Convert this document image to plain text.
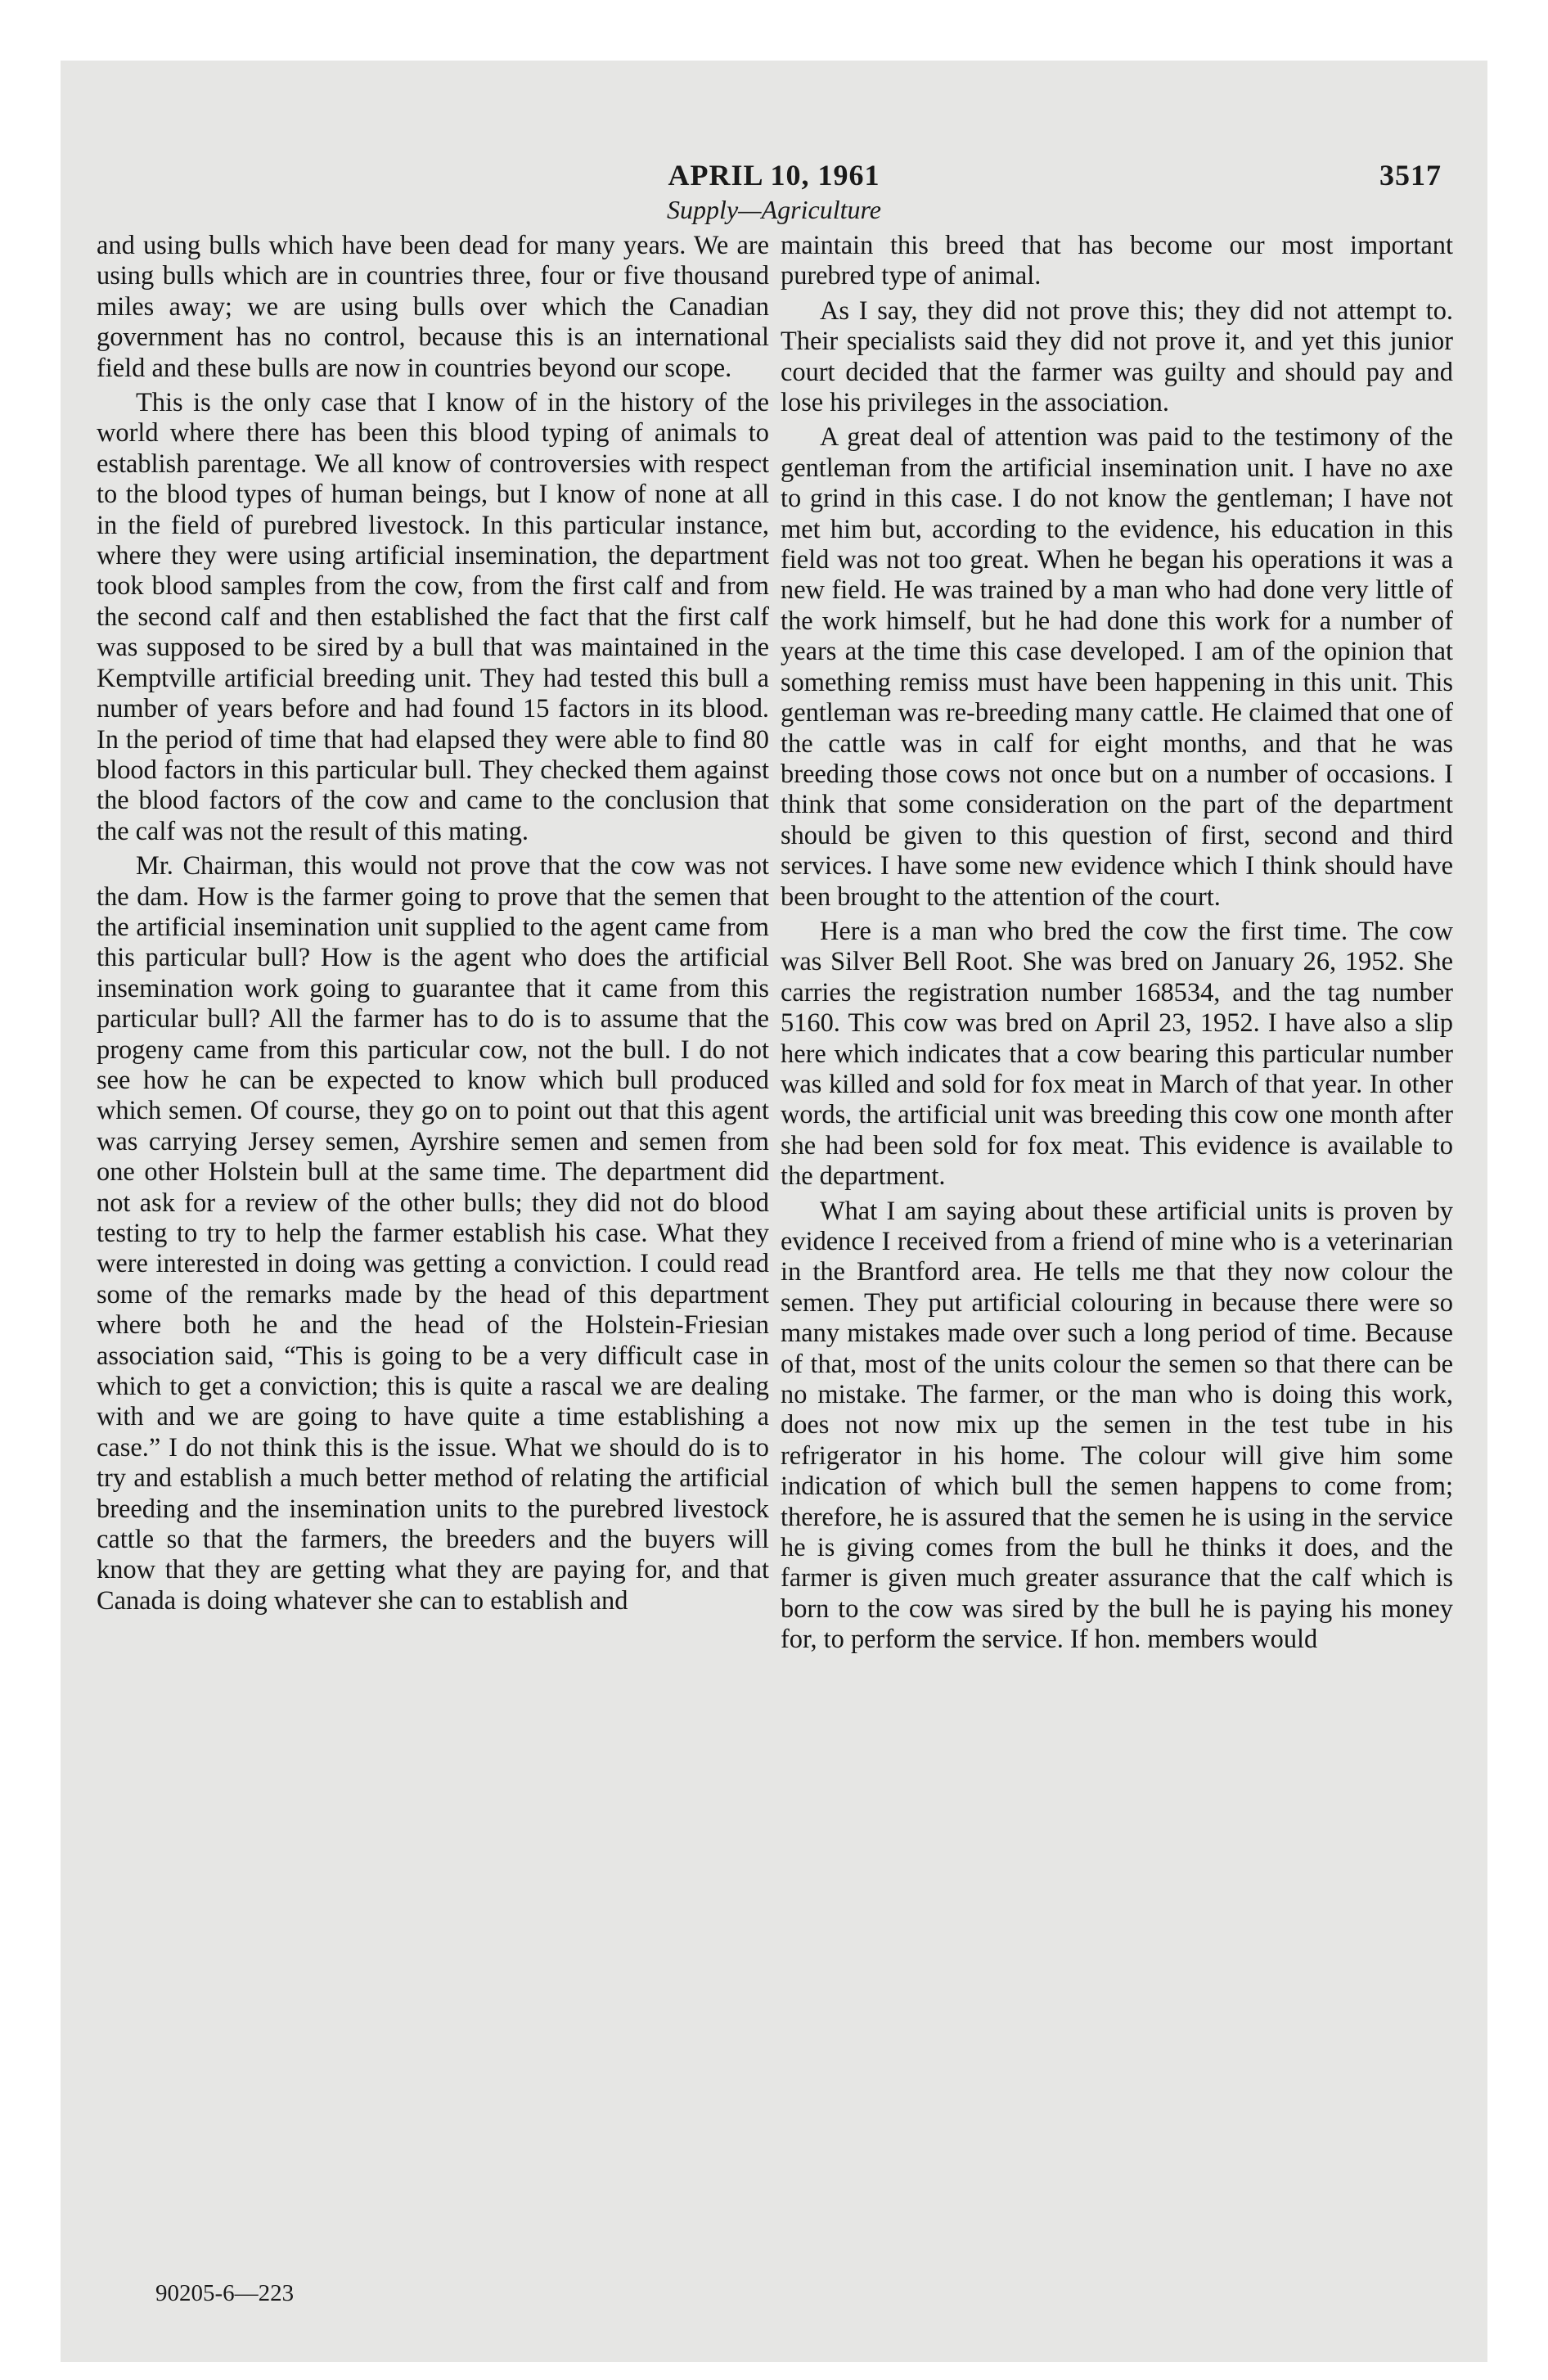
APRIL 10, 1961	3517
Supply—Agriculture

and using bulls which have been dead for many years. We are using bulls which are in countries three, four or five thousand miles away; we are using bulls over which the Canadian government has no control, because this is an international field and these bulls are now in countries beyond our scope.

This is the only case that I know of in the history of the world where there has been this blood typing of animals to establish parentage. We all know of controversies with respect to the blood types of human beings, but I know of none at all in the field of purebred livestock. In this particular instance, where they were using artificial insemination, the department took blood samples from the cow, from the first calf and from the second calf and then established the fact that the first calf was supposed to be sired by a bull that was maintained in the Kemptville artificial breeding unit. They had tested this bull a number of years before and had found 15 factors in its blood. In the period of time that had elapsed they were able to find 80 blood factors in this particular bull. They checked them against the blood factors of the cow and came to the conclusion that the calf was not the result of this mating.

Mr. Chairman, this would not prove that the cow was not the dam. How is the farmer going to prove that the semen that the artificial insemination unit supplied to the agent came from this particular bull? How is the agent who does the artificial insemination work going to guarantee that it came from this particular bull? All the farmer has to do is to assume that the progeny came from this particular cow, not the bull. I do not see how he can be expected to know which bull produced which semen. Of course, they go on to point out that this agent was carrying Jersey semen, Ayrshire semen and semen from one other Holstein bull at the same time. The department did not ask for a review of the other bulls; they did not do blood testing to try to help the farmer establish his case. What they were interested in doing was getting a conviction. I could read some of the remarks made by the head of this department where both he and the head of the Holstein-Friesian association said, “This is going to be a very difficult case in which to get a conviction; this is quite a rascal we are dealing with and we are going to have quite a time establishing a case.” I do not think this is the issue. What we should do is to try and establish a much better method of relating the artificial breeding and the insemination units to the purebred livestock cattle so that the farmers, the breeders and the buyers will know that they are getting what they are paying for, and that Canada is doing whatever she can to establish and

maintain this breed that has become our most important purebred type of animal.

As I say, they did not prove this; they did not attempt to. Their specialists said they did not prove it, and yet this junior court decided that the farmer was guilty and should pay and lose his privileges in the association.

A great deal of attention was paid to the testimony of the gentleman from the artificial insemination unit. I have no axe to grind in this case. I do not know the gentleman; I have not met him but, according to the evidence, his education in this field was not too great. When he began his operations it was a new field. He was trained by a man who had done very little of the work himself, but he had done this work for a number of years at the time this case developed. I am of the opinion that something remiss must have been happening in this unit. This gentleman was re-breeding many cattle. He claimed that one of the cattle was in calf for eight months, and that he was breeding those cows not once but on a number of occasions. I think that some consideration on the part of the department should be given to this question of first, second and third services. I have some new evidence which I think should have been brought to the attention of the court.

Here is a man who bred the cow the first time. The cow was Silver Bell Root. She was bred on January 26, 1952. She carries the registration number 168534, and the tag number 5160. This cow was bred on April 23, 1952. I have also a slip here which indicates that a cow bearing this particular number was killed and sold for fox meat in March of that year. In other words, the artificial unit was breeding this cow one month after she had been sold for fox meat. This evidence is available to the department.

What I am saying about these artificial units is proven by evidence I received from a friend of mine who is a veterinarian in the Brantford area. He tells me that they now colour the semen. They put artificial colouring in because there were so many mistakes made over such a long period of time. Because of that, most of the units colour the semen so that there can be no mistake. The farmer, or the man who is doing this work, does not now mix up the semen in the test tube in his refrigerator in his home. The colour will give him some indication of which bull the semen happens to come from; therefore, he is assured that the semen he is using in the service he is giving comes from the bull he thinks it does, and the farmer is given much greater assurance that the calf which is born to the cow was sired by the bull he is paying his money for, to perform the service. If hon. members would

90205-6—223
